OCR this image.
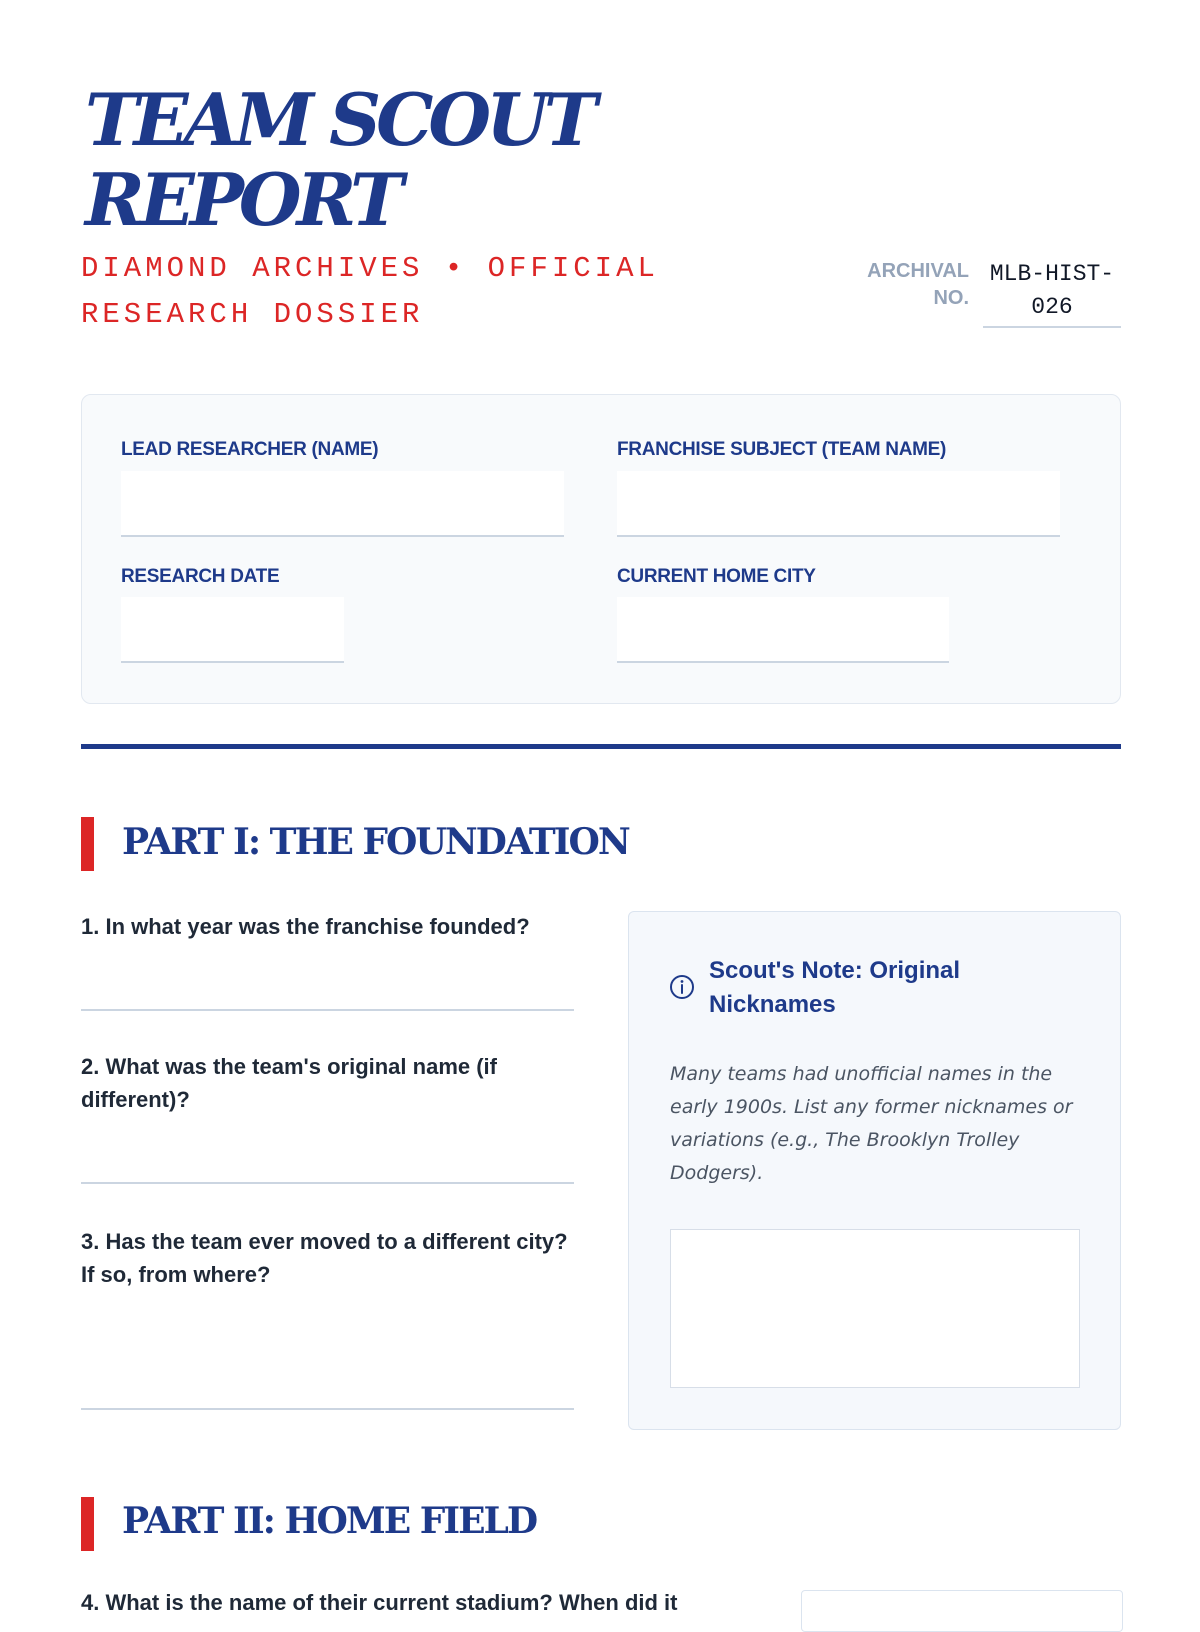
TEAM SCOUT REPORT

DIAMOND ARCHIVES • OFFICIAL RESEARCH DOSSIER

ARCHIVAL NO.
MLB-HIST-026

LEAD RESEARCHER (NAME)	FRANCHISE SUBJECT (TEAM NAME)

RESEARCH DATE	CURRENT HOME CITY

PART I: THE FOUNDATION

1. In what year was the franchise founded?

2. What was the team's original name (if different)?

3. Has the team ever moved to a different city? If so, from where?

Scout's Note: Original Nicknames

Many teams had unofficial names in the early 1900s. List any former nicknames or variations (e.g., The Brooklyn Trolley Dodgers).

PART II: HOME FIELD

4. What is the name of their current stadium? When did it
